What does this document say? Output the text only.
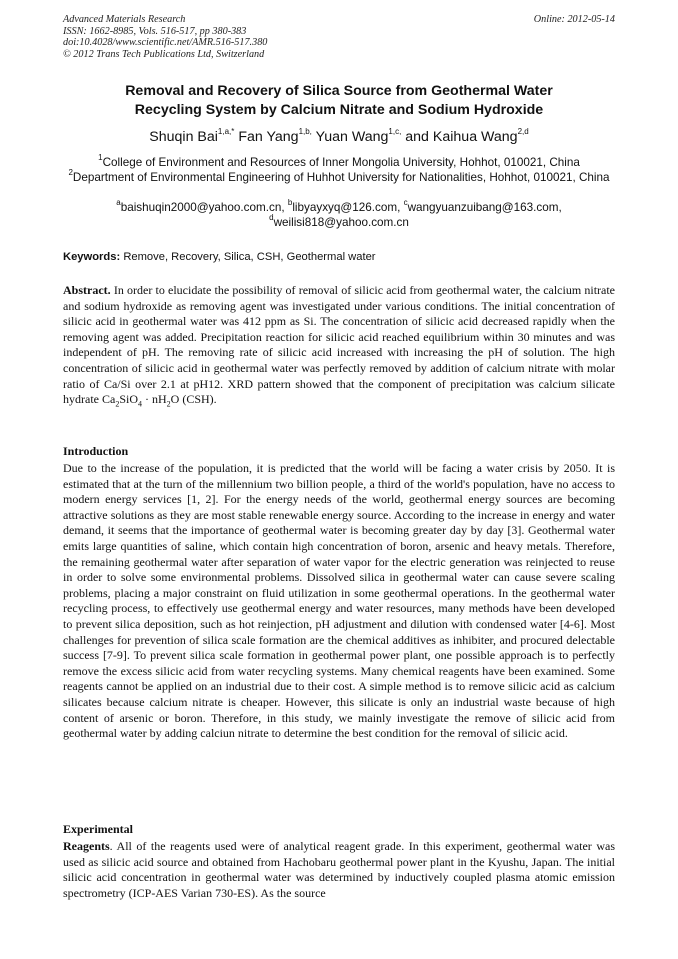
Advanced Materials Research
ISSN: 1662-8985, Vols. 516-517, pp 380-383
doi:10.4028/www.scientific.net/AMR.516-517.380
© 2012 Trans Tech Publications Ltd, Switzerland
Online: 2012-05-14
Removal and Recovery of Silica Source from Geothermal Water
Recycling System by Calcium Nitrate and Sodium Hydroxide
Shuqin Bai$^{1,a,*}$ Fan Yang$^{1,b,}$ Yuan Wang$^{1,c,}$ and Kaihua Wang$^{2,d}$
$^1$College of Environment and Resources of Inner Mongolia University, Hohhot, 010021, China
$^2$Department of Environmental Engineering of Huhhot University for Nationalities, Hohhot, 010021, China
$^a$baishuqin2000@yahoo.com.cn, $^b$libyayxyq@126.com, $^c$wangyuanzuibang@163.com,
$^d$weilisi818@yahoo.com.cn
Keywords: Remove, Recovery, Silica, CSH, Geothermal water
Abstract. In order to elucidate the possibility of removal of silicic acid from geothermal water, the calcium nitrate and sodium hydroxide as removing agent was investigated under various conditions. The initial concentration of silicic acid in geothermal water was 412 ppm as Si. The concentration of silicic acid decreased rapidly when the removing agent was added. Precipitation reaction for silicic acid reached equilibrium within 30 minutes and was independent of pH. The removing rate of silicic acid increased with increasing the pH of solution. The high concentration of silicic acid in geothermal water was perfectly removed by addition of calcium nitrate with molar ratio of Ca/Si over 2.1 at pH12. XRD pattern showed that the component of precipitation was calcium silicate hydrate $Ca_2SiO_4 \cdot nH_2O$ (CSH).
Introduction
Due to the increase of the population, it is predicted that the world will be facing a water crisis by 2050. It is estimated that at the turn of the millennium two billion people, a third of the world's population, have no access to modern energy services [1, 2]. For the energy needs of the world, geothermal energy sources are becoming attractive solutions as they are most stable renewable energy source. According to the increase in energy and water demand, it seems that the importance of geothermal water is becoming greater day by day [3]. Geothermal water emits large quantities of saline, which contain high concentration of boron, arsenic and heavy metals. Therefore, the remaining geothermal water after separation of water vapor for the electric generation was reinjected to reuse in order to solve some environmental problems. Dissolved silica in geothermal water can cause severe scaling problems, placing a major constraint on fluid utilization in some geothermal operations. In the geothermal water recycling process, to effectively use geothermal energy and water resources, many methods have been developed to prevent silica deposition, such as hot reinjection, pH adjustment and dilution with condensed water [4-6]. Most challenges for prevention of silica scale formation are the chemical additives as inhibiter, and procured delectable success [7-9]. To prevent silica scale formation in geothermal power plant, one possible approach is to perfectly remove the excess silicic acid from water recycling systems. Many chemical reagents have been examined. Some reagents cannot be applied on an industrial due to their cost. A simple method is to remove silicic acid as calcium silicates because calcium nitrate is cheaper. However, this silicate is only an industrial waste because of high content of arsenic or boron. Therefore, in this study, we mainly investigate the remove of silicic acid from geothermal water by adding calciun nitrate to determine the best condition for the removal of silicic acid.
Experimental
Reagents. All of the reagents used were of analytical reagent grade. In this experiment, geothermal water was used as silicic acid source and obtained from Hachobaru geothermal power plant in the Kyushu, Japan. The initial silicic acid concentration in geothermal water was determined by inductively coupled plasma atomic emission spectrometry (ICP-AES Varian 730-ES). As the source
